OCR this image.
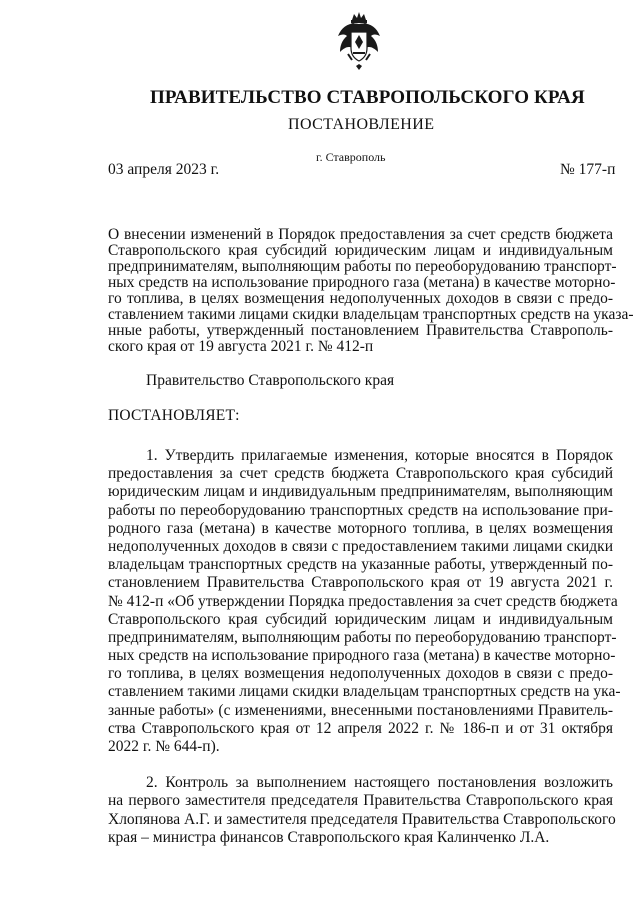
ПРАВИТЕЛЬСТВО СТАВРОПОЛЬСКОГО КРАЯ
ПОСТАНОВЛЕНИЕ
г. Ставрополь
03 апреля 2023 г.	№ 177-п
О внесении изменений в Порядок предоставления за счет средств бюджета
Ставропольского края субсидий юридическим лицам и индивидуальным
предпринимателям, выполняющим работы по переоборудованию транспорт-
ных средств на использование природного газа (метана) в качестве моторно-
го топлива, в целях возмещения недополученных доходов в связи с предо-
ставлением такими лицами скидки владельцам транспортных средств на указа-
нные работы, утвержденный постановлением Правительства Ставрополь-
ского края от 19 августа 2021 г. № 412-п
Правительство Ставропольского края
ПОСТАНОВЛЯЕТ:
1. Утвердить прилагаемые изменения, которые вносятся в Порядок
предоставления за счет средств бюджета Ставропольского края субсидий
юридическим лицам и индивидуальным предпринимателям, выполняющим
работы по переоборудованию транспортных средств на использование при-
родного газа (метана) в качестве моторного топлива, в целях возмещения
недополученных доходов в связи с предоставлением такими лицами скидки
владельцам транспортных средств на указанные работы, утвержденный по-
становлением Правительства Ставропольского края от 19 августа 2021 г.
№ 412-п «Об утверждении Порядка предоставления за счет средств бюджета
Ставропольского края субсидий юридическим лицам и индивидуальным
предпринимателям, выполняющим работы по переоборудованию транспорт-
ных средств на использование природного газа (метана) в качестве моторно-
го топлива, в целях возмещения недополученных доходов в связи с предо-
ставлением такими лицами скидки владельцам транспортных средств на ука-
занные работы» (с изменениями, внесенными постановлениями Правитель-
ства Ставропольского края от 12 апреля 2022 г. № 186-п и от 31 октября
2022 г. № 644-п).
2. Контроль за выполнением настоящего постановления возложить
на первого заместителя председателя Правительства Ставропольского края
Хлопянова А.Г. и заместителя председателя Правительства Ставропольского
края – министра финансов Ставропольского края Калинченко Л.А.
